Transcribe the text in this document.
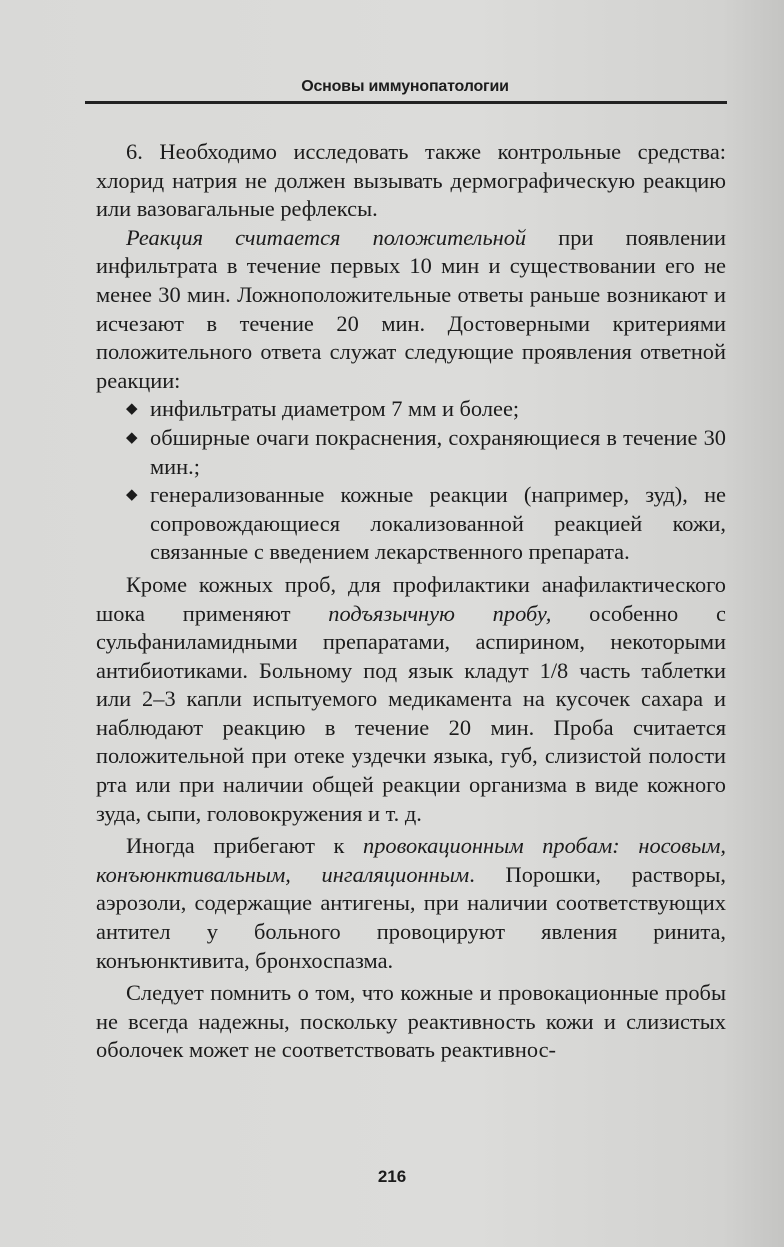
Основы иммунопатологии

6. Необходимо исследовать также контрольные средства: хлорид натрия не должен вызывать дермографическую реакцию или вазовагальные рефлексы.

Реакция считается положительной при появлении инфильтрата в течение первых 10 мин и существовании его не менее 30 мин. Ложноположительные ответы раньше возникают и исчезают в течение 20 мин. Достоверными критериями положительного ответа служат следующие проявления ответной реакции:

◆ инфильтраты диаметром 7 мм и более;
◆ обширные очаги покраснения, сохраняющиеся в течение 30 мин.;
◆ генерализованные кожные реакции (например, зуд), не сопровождающиеся локализованной реакцией кожи, связанные с введением лекарственного препарата.

Кроме кожных проб, для профилактики анафилактического шока применяют подъязычную пробу, особенно с сульфаниламидными препаратами, аспирином, некоторыми антибиотиками. Больному под язык кладут 1/8 часть таблетки или 2–3 капли испытуемого медикамента на кусочек сахара и наблюдают реакцию в течение 20 мин. Проба считается положительной при отеке уздечки языка, губ, слизистой полости рта или при наличии общей реакции организма в виде кожного зуда, сыпи, головокружения и т. д.

Иногда прибегают к провокационным пробам: носовым, конъюнктивальным, ингаляционным. Порошки, растворы, аэрозоли, содержащие антигены, при наличии соответствующих антител у больного провоцируют явления ринита, конъюнктивита, бронхоспазма.

Следует помнить о том, что кожные и провокационные пробы не всегда надежны, поскольку реактивность кожи и слизистых оболочек может не соответствовать реактивнос-

216
